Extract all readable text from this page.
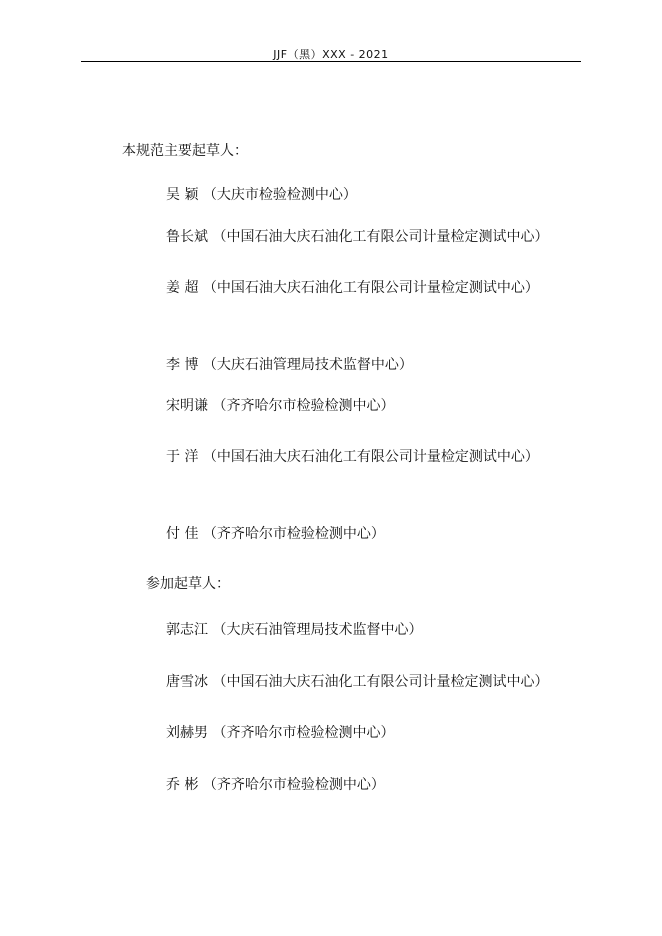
JJF（黑）XXX - 2021
本规范主要起草人：
吴 颖 （大庆市检验检测中心）
鲁长斌 （中国石油大庆石油化工有限公司计量检定测试中心）
姜 超 （中国石油大庆石油化工有限公司计量检定测试中心）
李 博 （大庆石油管理局技术监督中心）
宋明谦 （齐齐哈尔市检验检测中心）
于 洋 （中国石油大庆石油化工有限公司计量检定测试中心）
付 佳 （齐齐哈尔市检验检测中心）
参加起草人：
郭志江 （大庆石油管理局技术监督中心）
唐雪冰 （中国石油大庆石油化工有限公司计量检定测试中心）
刘赫男 （齐齐哈尔市检验检测中心）
乔 彬 （齐齐哈尔市检验检测中心）
